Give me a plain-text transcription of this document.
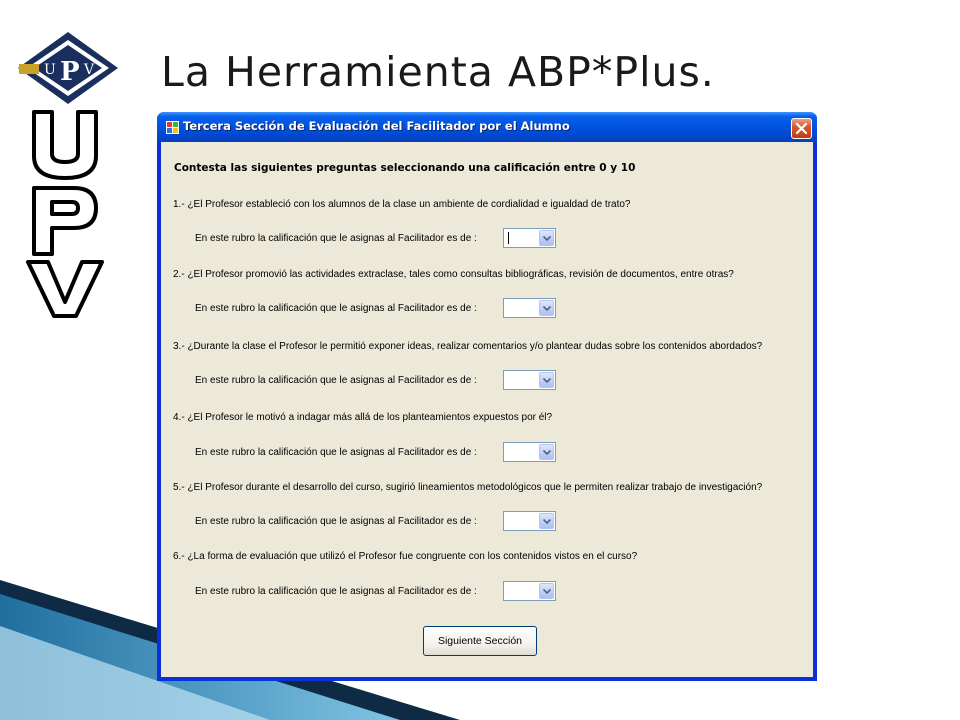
U P V La Herramienta ABP*Plus.
Tercera Sección de Evaluación del Facilitador por el Alumno
Contesta las siguientes preguntas seleccionando una calificación entre 0 y 10
1.- ¿El Profesor estableció con los alumnos de la clase un ambiente de cordialidad e igualdad de trato?
En este rubro la calificación que le asignas al Facilitador es de :
2.- ¿El Profesor promovió las actividades extraclase, tales como consultas bibliográficas, revisión de documentos, entre otras?
En este rubro la calificación que le asignas al Facilitador es de :
3.- ¿Durante la clase el Profesor le permitió exponer ideas, realizar comentarios y/o plantear dudas sobre los contenidos abordados?
En este rubro la calificación que le asignas al Facilitador es de :
4.- ¿El Profesor le motivó a indagar más allá de los planteamientos expuestos por él?
En este rubro la calificación que le asignas al Facilitador es de :
5.- ¿El Profesor durante el desarrollo del curso, sugirió lineamientos metodológicos que le permiten realizar trabajo de investigación?
En este rubro la calificación que le asignas al Facilitador es de :
6.- ¿La forma de evaluación que utilizó el Profesor fue congruente con los contenidos vistos en el curso?
En este rubro la calificación que le asignas al Facilitador es de :
Siguiente Sección
